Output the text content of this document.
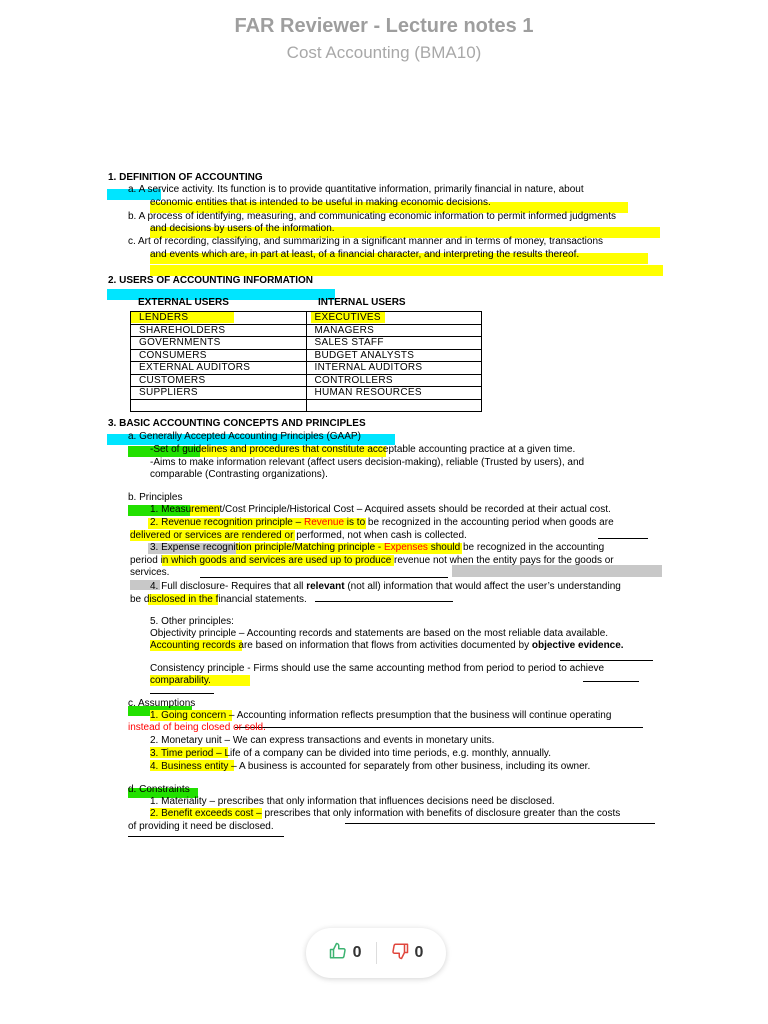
FAR Reviewer - Lecture notes 1
Cost Accounting (BMA10)
1. DEFINITION OF ACCOUNTING
a. A service activity. Its function is to provide quantitative information, primarily financial in nature, about
economic entities that is intended to be useful in making economic decisions.
b. A process of identifying, measuring, and communicating economic information to permit informed judgments
and decisions by users of the information.
c. Art of recording, classifying, and summarizing in a significant manner and in terms of money, transactions
and events which are, in part at least, of a financial character, and interpreting the results thereof.
2. USERS OF ACCOUNTING INFORMATION
EXTERNAL USERS	INTERNAL USERS
LENDERS	EXECUTIVES
SHAREHOLDERS	MANAGERS
GOVERNMENTS	SALES STAFF
CONSUMERS	BUDGET ANALYSTS
EXTERNAL AUDITORS	INTERNAL AUDITORS
CUSTOMERS	CONTROLLERS
SUPPLIERS	HUMAN RESOURCES

3. BASIC ACCOUNTING CONCEPTS AND PRINCIPLES
a. Generally Accepted Accounting Principles (GAAP)
-Set of guidelines and procedures that constitute acceptable accounting practice at a given time.
-Aims to make information relevant (affect users decision-making), reliable (Trusted by users), and
comparable (Contrasting organizations).
b. Principles
1. Measurement/Cost Principle/Historical Cost – Acquired assets should be recorded at their actual cost.
2. Revenue recognition principle – Revenue is to be recognized in the accounting period when goods are
delivered or services are rendered or performed, not when cash is collected.
3. Expense recognition principle/Matching principle - Expenses should be recognized in the accounting
period in which goods and services are used up to produce revenue not when the entity pays for the goods or
services.
4. Full disclosure- Requires that all relevant (not all) information that would affect the user’s understanding
be disclosed in the financial statements.
5. Other principles:
Objectivity principle – Accounting records and statements are based on the most reliable data available.
Accounting records are based on information that flows from activities documented by objective evidence.
Consistency principle - Firms should use the same accounting method from period to period to achieve
comparability.
c. Assumptions
1. Going concern – Accounting information reflects presumption that the business will continue operating
instead of being closed or sold.
2. Monetary unit – We can express transactions and events in monetary units.
3. Time period – Life of a company can be divided into time periods, e.g. monthly, annually.
4. Business entity – A business is accounted for separately from other business, including its owner.
d. Constraints
1. Materiality – prescribes that only information that influences decisions need be disclosed.
2. Benefit exceeds cost – prescribes that only information with benefits of disclosure greater than the costs
of providing it need be disclosed.
0	0
